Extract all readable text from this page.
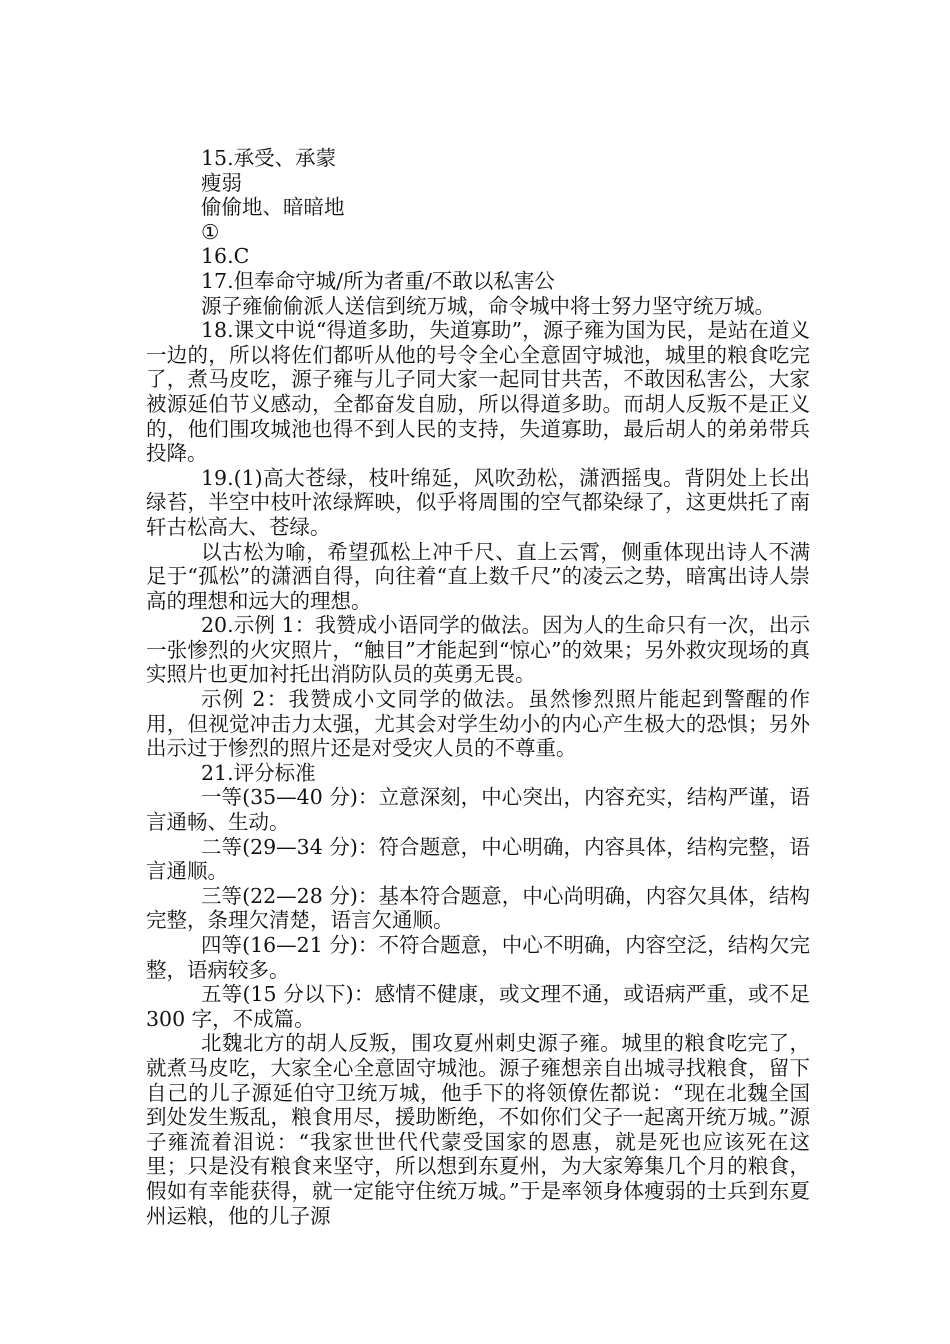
15.承受、承蒙

瘦弱

偷偷地、暗暗地

①

16.C

17.但奉命守城/所为者重/不敢以私害公

源子雍偷偷派人送信到统万城，命令城中将士努力坚守统万城。

18.课文中说“得道多助，失道寡助”，源子雍为国为民，是站在道义一边的，所以将佐们都听从他的号令全心全意固守城池，城里的粮食吃完了，煮马皮吃，源子雍与儿子同大家一起同甘共苦，不敢因私害公，大家被源延伯节义感动，全都奋发自励，所以得道多助。而胡人反叛不是正义的，他们围攻城池也得不到人民的支持，失道寡助，最后胡人的弟弟带兵投降。

19.(1)高大苍绿，枝叶绵延，风吹劲松，潇洒摇曳。背阴处上长出绿苔，半空中枝叶浓绿辉映，似乎将周围的空气都染绿了，这更烘托了南轩古松高大、苍绿。

以古松为喻，希望孤松上冲千尺、直上云霄，侧重体现出诗人不满足于“孤松”的潇洒自得，向往着“直上数千尺”的凌云之势，暗寓出诗人崇高的理想和远大的理想。

20.示例 1：我赞成小语同学的做法。因为人的生命只有一次，出示一张惨烈的火灾照片，“触目”才能起到“惊心”的效果；另外救灾现场的真实照片也更加衬托出消防队员的英勇无畏。

示例 2：我赞成小文同学的做法。虽然惨烈照片能起到警醒的作用，但视觉冲击力太强，尤其会对学生幼小的内心产生极大的恐惧；另外出示过于惨烈的照片还是对受灾人员的不尊重。

21.评分标准

一等(35—40 分)：立意深刻，中心突出，内容充实，结构严谨，语言通畅、生动。

二等(29—34 分)：符合题意，中心明确，内容具体，结构完整，语言通顺。

三等(22—28 分)：基本符合题意，中心尚明确，内容欠具体，结构完整，条理欠清楚，语言欠通顺。

四等(16—21 分)：不符合题意，中心不明确，内容空泛，结构欠完整，语病较多。

五等(15 分以下)：感情不健康，或文理不通，或语病严重，或不足 300 字，不成篇。

北魏北方的胡人反叛，围攻夏州刺史源子雍。城里的粮食吃完了，就煮马皮吃，大家全心全意固守城池。源子雍想亲自出城寻找粮食，留下自己的儿子源延伯守卫统万城，他手下的将领僚佐都说：“现在北魏全国到处发生叛乱，粮食用尽，援助断绝，不如你们父子一起离开统万城。”源子雍流着泪说：“我家世世代代蒙受国家的恩惠，就是死也应该死在这里；只是没有粮食来坚守，所以想到东夏州，为大家筹集几个月的粮食，假如有幸能获得，就一定能守住统万城。”于是率领身体瘦弱的士兵到东夏州运粮，他的儿子源
